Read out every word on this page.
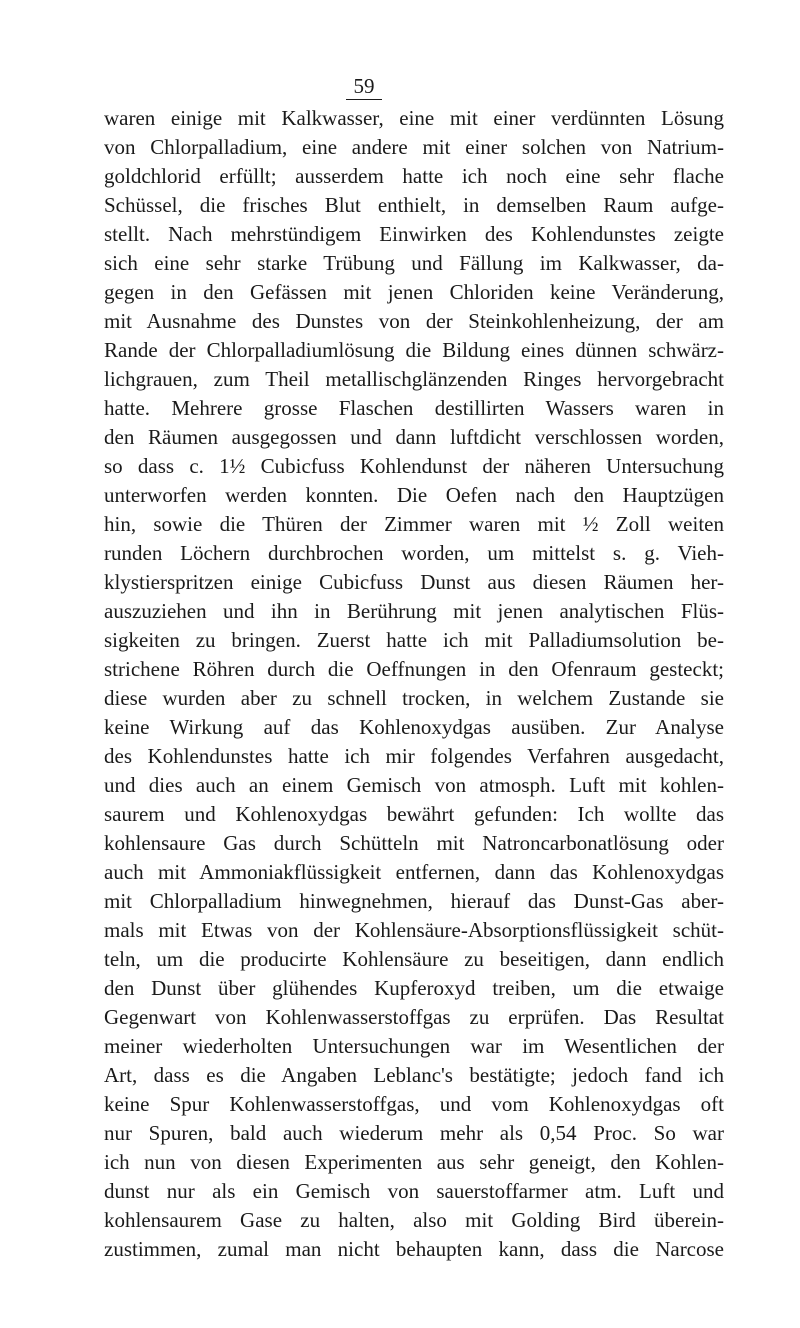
59
waren einige mit Kalkwasser, eine mit einer verdünnten Lösung
von Chlorpalladium, eine andere mit einer solchen von Natrium-
goldchlorid erfüllt; ausserdem hatte ich noch eine sehr flache
Schüssel, die frisches Blut enthielt, in demselben Raum aufge-
stellt. Nach mehrstündigem Einwirken des Kohlendunstes zeigte
sich eine sehr starke Trübung und Fällung im Kalkwasser, da-
gegen in den Gefässen mit jenen Chloriden keine Veränderung,
mit Ausnahme des Dunstes von der Steinkohlenheizung, der am
Rande der Chlorpalladiumlösung die Bildung eines dünnen schwärz-
lichgrauen, zum Theil metallischglänzenden Ringes hervorgebracht
hatte. Mehrere grosse Flaschen destillirten Wassers waren in
den Räumen ausgegossen und dann luftdicht verschlossen worden,
so dass c. 1½ Cubicfuss Kohlendunst der näheren Untersuchung
unterworfen werden konnten. Die Oefen nach den Hauptzügen
hin, sowie die Thüren der Zimmer waren mit ½ Zoll weiten
runden Löchern durchbrochen worden, um mittelst s. g. Vieh-
klystierspritzen einige Cubicfuss Dunst aus diesen Räumen her-
auszuziehen und ihn in Berührung mit jenen analytischen Flüs-
sigkeiten zu bringen. Zuerst hatte ich mit Palladiumsolution be-
strichene Röhren durch die Oeffnungen in den Ofenraum gesteckt;
diese wurden aber zu schnell trocken, in welchem Zustande sie
keine Wirkung auf das Kohlenoxydgas ausüben. Zur Analyse
des Kohlendunstes hatte ich mir folgendes Verfahren ausgedacht,
und dies auch an einem Gemisch von atmosph. Luft mit kohlen-
saurem und Kohlenoxydgas bewährt gefunden: Ich wollte das
kohlensaure Gas durch Schütteln mit Natroncarbonatlösung oder
auch mit Ammoniakflüssigkeit entfernen, dann das Kohlenoxydgas
mit Chlorpalladium hinwegnehmen, hierauf das Dunst-Gas aber-
mals mit Etwas von der Kohlensäure-Absorptionsflüssigkeit schüt-
teln, um die producirte Kohlensäure zu beseitigen, dann endlich
den Dunst über glühendes Kupferoxyd treiben, um die etwaige
Gegenwart von Kohlenwasserstoffgas zu erprüfen. Das Resultat
meiner wiederholten Untersuchungen war im Wesentlichen der
Art, dass es die Angaben Leblanc's bestätigte; jedoch fand ich
keine Spur Kohlenwasserstoffgas, und vom Kohlenoxydgas oft
nur Spuren, bald auch wiederum mehr als 0,54 Proc. So war
ich nun von diesen Experimenten aus sehr geneigt, den Kohlen-
dunst nur als ein Gemisch von sauerstoffarmer atm. Luft und
kohlensaurem Gase zu halten, also mit Golding Bird überein-
zustimmen, zumal man nicht behaupten kann, dass die Narcose
